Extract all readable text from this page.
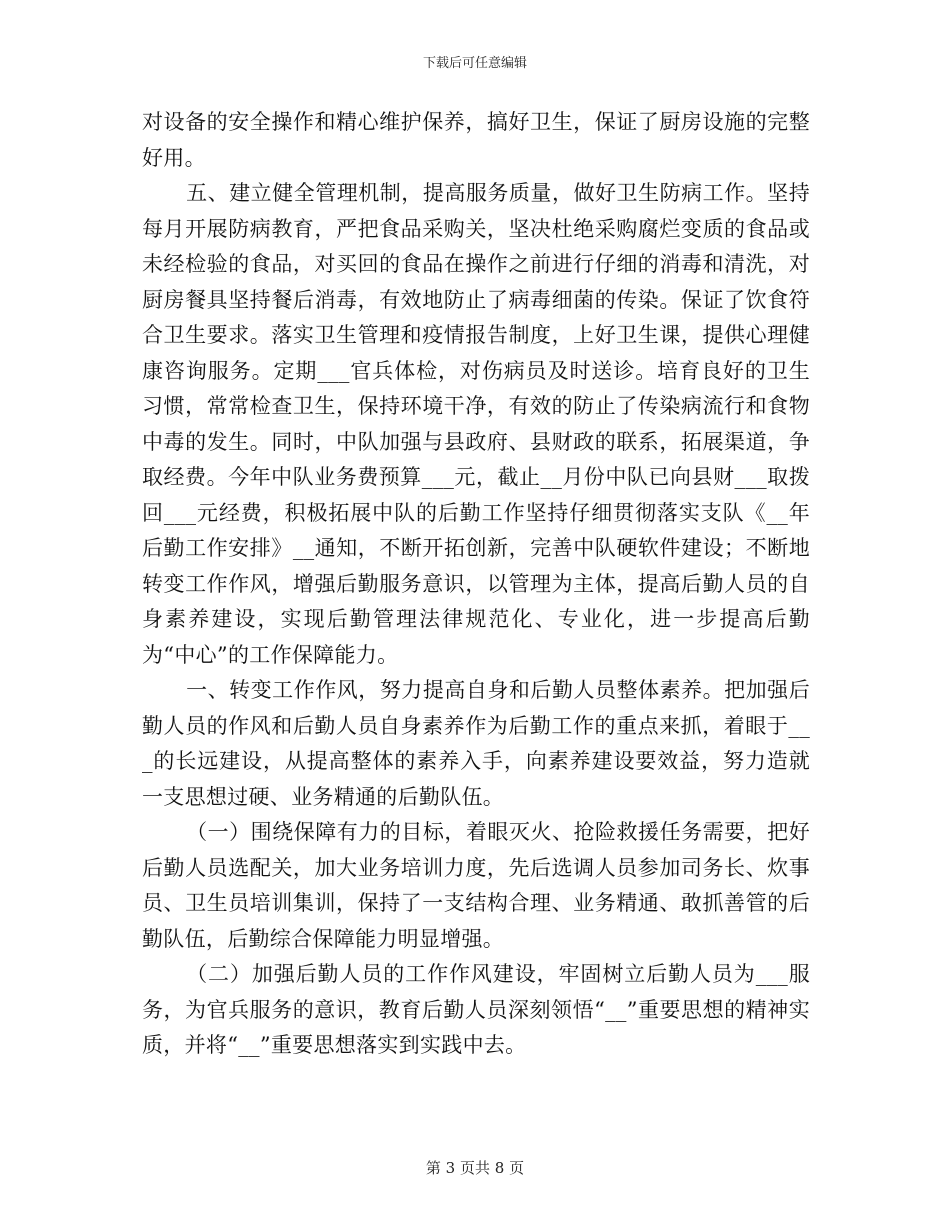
下载后可任意编辑

对设备的安全操作和精心维护保养，搞好卫生，保证了厨房设施的完整好用。

五、建立健全管理机制，提高服务质量，做好卫生防病工作。坚持每月开展防病教育，严把食品采购关，坚决杜绝采购腐烂变质的食品或未经检验的食品，对买回的食品在操作之前进行仔细的消毒和清洗，对厨房餐具坚持餐后消毒，有效地防止了病毒细菌的传染。保证了饮食符合卫生要求。落实卫生管理和疫情报告制度，上好卫生课，提供心理健康咨询服务。定期___官兵体检，对伤病员及时送诊。培育良好的卫生习惯，常常检查卫生，保持环境干净，有效的防止了传染病流行和食物中毒的发生。同时，中队加强与县政府、县财政的联系，拓展渠道，争取经费。今年中队业务费预算___元，截止__月份中队已向县财___取拨回___元经费，积极拓展中队的后勤工作坚持仔细贯彻落实支队《__年后勤工作安排》__通知，不断开拓创新，完善中队硬软件建设；不断地转变工作作风，增强后勤服务意识，以管理为主体，提高后勤人员的自身素养建设，实现后勤管理法律规范化、专业化，进一步提高后勤为“中心”的工作保障能力。

一、转变工作作风，努力提高自身和后勤人员整体素养。把加强后勤人员的作风和后勤人员自身素养作为后勤工作的重点来抓，着眼于___的长远建设，从提高整体的素养入手，向素养建设要效益，努力造就一支思想过硬、业务精通的后勤队伍。

（一）围绕保障有力的目标，着眼灭火、抢险救援任务需要，把好后勤人员选配关，加大业务培训力度，先后选调人员参加司务长、炊事员、卫生员培训集训，保持了一支结构合理、业务精通、敢抓善管的后勤队伍，后勤综合保障能力明显增强。

（二）加强后勤人员的工作作风建设，牢固树立后勤人员为___服务，为官兵服务的意识，教育后勤人员深刻领悟“__”重要思想的精神实质，并将“__”重要思想落实到实践中去。

第 3 页共 8 页
